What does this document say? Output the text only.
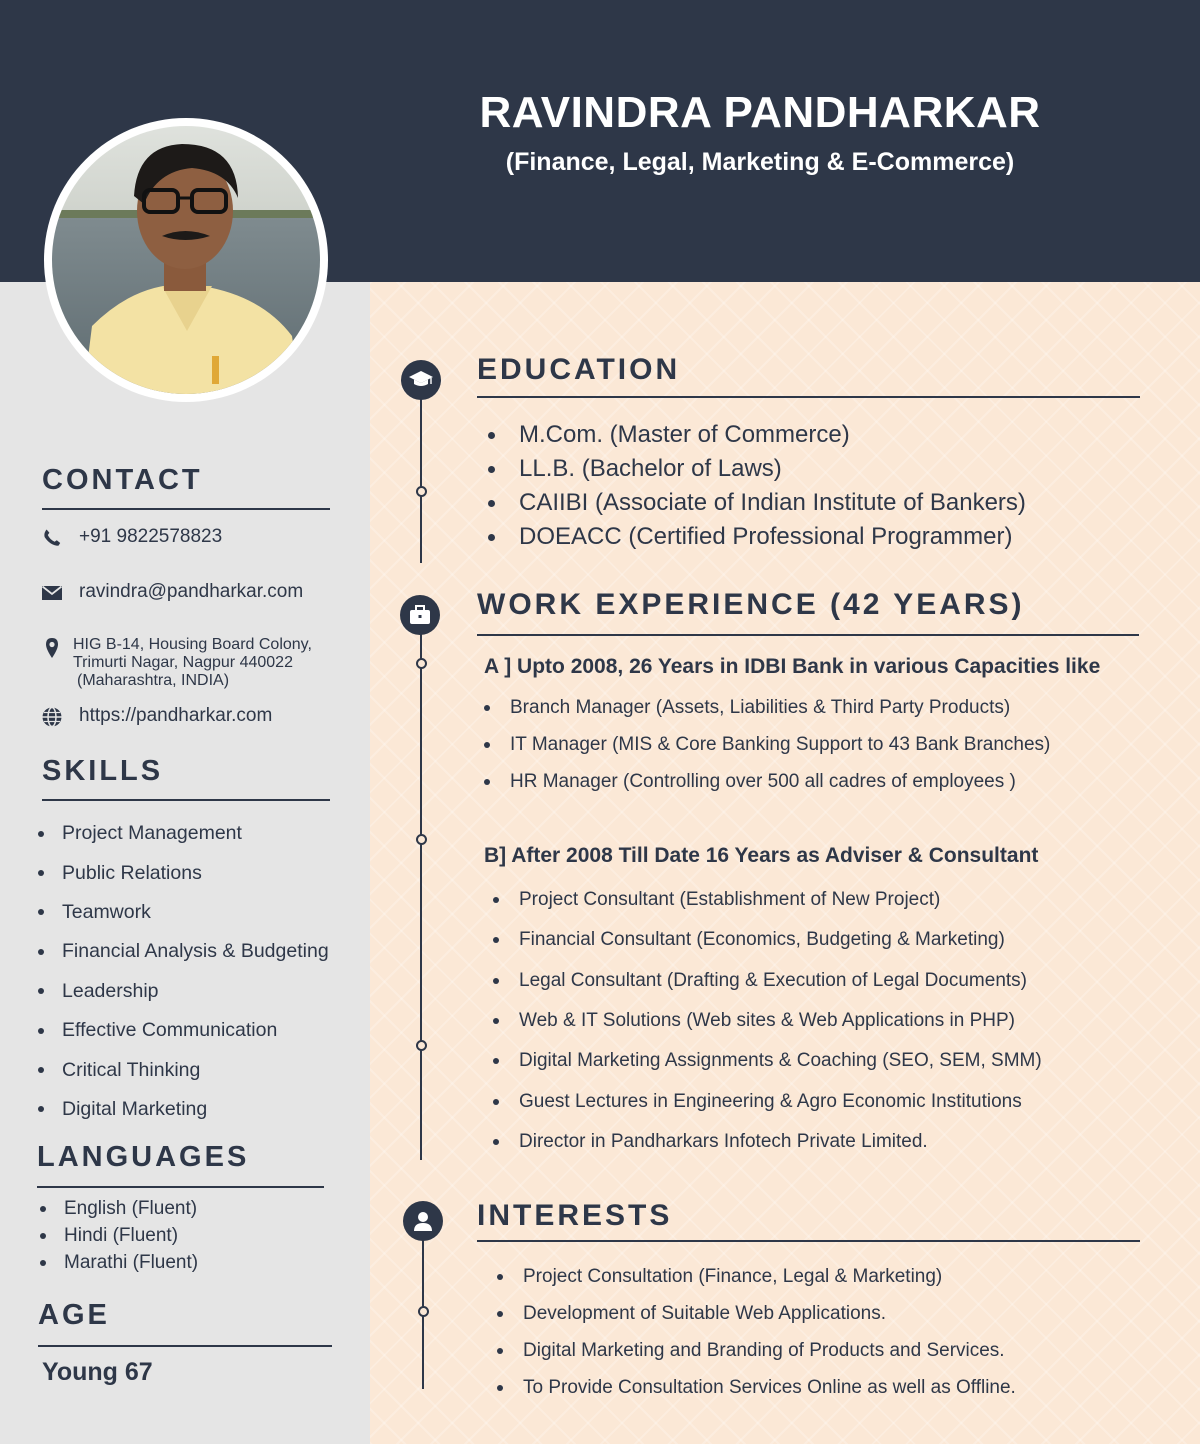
RAVINDRA PANDHARKAR
(Finance, Legal, Marketing & E-Commerce)
CONTACT
+91 9822578823
ravindra@pandharkar.com
HIG B-14, Housing Board Colony,
Trimurti Nagar, Nagpur 440022
(Maharashtra, INDIA)
https://pandharkar.com
SKILLS
Project Management
Public Relations
Teamwork
Financial Analysis & Budgeting
Leadership
Effective Communication
Critical Thinking
Digital Marketing
LANGUAGES
English (Fluent)
Hindi (Fluent)
Marathi (Fluent)
AGE
Young 67
EDUCATION
M.Com. (Master of Commerce)
LL.B. (Bachelor of Laws)
CAIIBI (Associate of Indian Institute of Bankers)
DOEACC (Certified Professional Programmer)
WORK EXPERIENCE (42 YEARS)
A ] Upto 2008, 26 Years in IDBI Bank in various Capacities like
Branch Manager (Assets, Liabilities & Third Party Products)
IT Manager (MIS & Core Banking Support to 43 Bank Branches)
HR Manager (Controlling over 500 all cadres of employees )
B] After 2008 Till Date 16 Years as Adviser & Consultant
Project Consultant (Establishment of New Project)
Financial Consultant (Economics, Budgeting & Marketing)
Legal Consultant (Drafting & Execution of Legal Documents)
Web & IT Solutions (Web sites & Web Applications in PHP)
Digital Marketing Assignments & Coaching (SEO, SEM, SMM)
Guest Lectures in Engineering & Agro Economic Institutions
Director in Pandharkars Infotech Private Limited.
INTERESTS
Project Consultation (Finance, Legal & Marketing)
Development of Suitable Web Applications.
Digital Marketing and Branding of Products and Services.
To Provide Consultation Services Online as well as Offline.
